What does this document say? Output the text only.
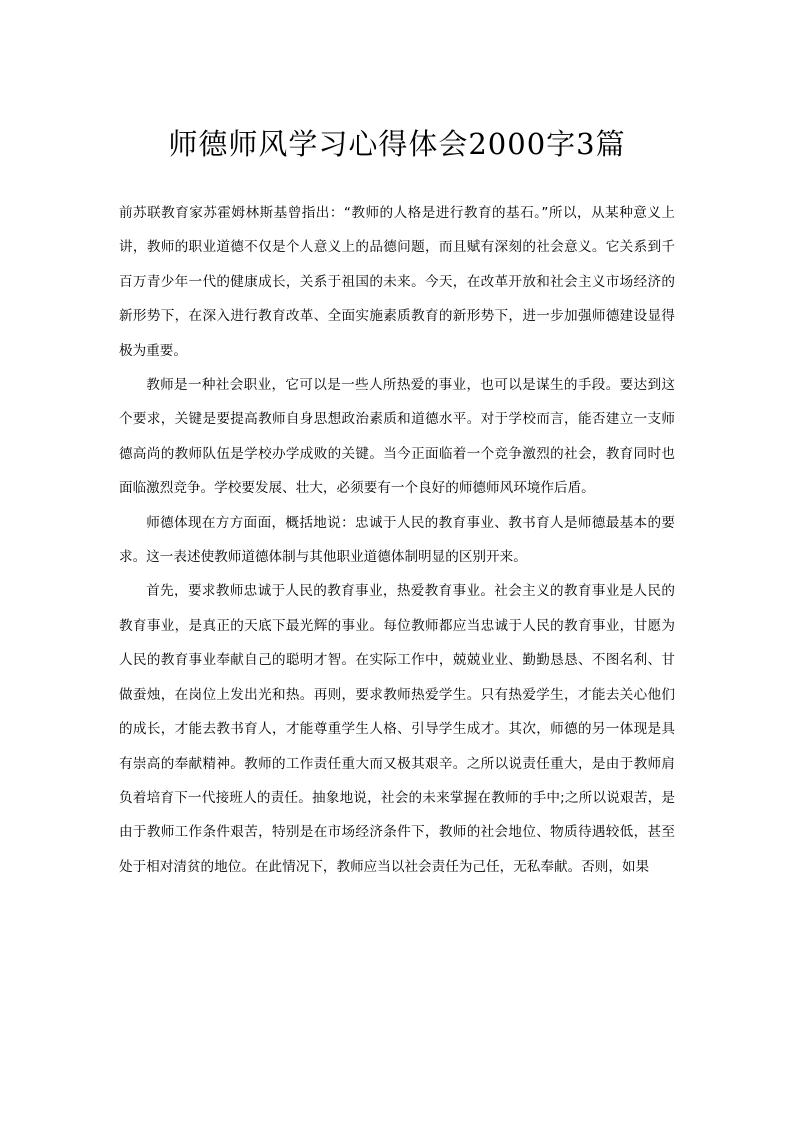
师德师风学习心得体会2000字3篇

前苏联教育家苏霍姆林斯基曾指出：“教师的人格是进行教育的基石。”所以，从某种意义上讲，教师的职业道德不仅是个人意义上的品德问题，而且赋有深刻的社会意义。它关系到千百万青少年一代的健康成长，关系于祖国的未来。今天，在改革开放和社会主义市场经济的新形势下，在深入进行教育改革、全面实施素质教育的新形势下，进一步加强师德建设显得极为重要。

教师是一种社会职业，它可以是一些人所热爱的事业，也可以是谋生的手段。要达到这个要求，关键是要提高教师自身思想政治素质和道德水平。对于学校而言，能否建立一支师德高尚的教师队伍是学校办学成败的关键。当今正面临着一个竞争激烈的社会，教育同时也面临激烈竞争。学校要发展、壮大，必须要有一个良好的师德师风环境作后盾。

师德体现在方方面面，概括地说：忠诚于人民的教育事业、教书育人是师德最基本的要求。这一表述使教师道德体制与其他职业道德体制明显的区别开来。

首先，要求教师忠诚于人民的教育事业，热爱教育事业。社会主义的教育事业是人民的教育事业，是真正的天底下最光辉的事业。每位教师都应当忠诚于人民的教育事业，甘愿为人民的教育事业奉献自己的聪明才智。在实际工作中，兢兢业业、勤勤恳恳、不图名利、甘做蚕烛，在岗位上发出光和热。再则，要求教师热爱学生。只有热爱学生，才能去关心他们的成长，才能去教书育人，才能尊重学生人格、引导学生成才。其次，师德的另一体现是具有崇高的奉献精神。教师的工作责任重大而又极其艰辛。之所以说责任重大，是由于教师肩负着培育下一代接班人的责任。抽象地说，社会的未来掌握在教师的手中;之所以说艰苦，是由于教师工作条件艰苦，特别是在市场经济条件下，教师的社会地位、物质待遇较低，甚至处于相对清贫的地位。在此情况下，教师应当以社会责任为己任，无私奉献。否则，如果
